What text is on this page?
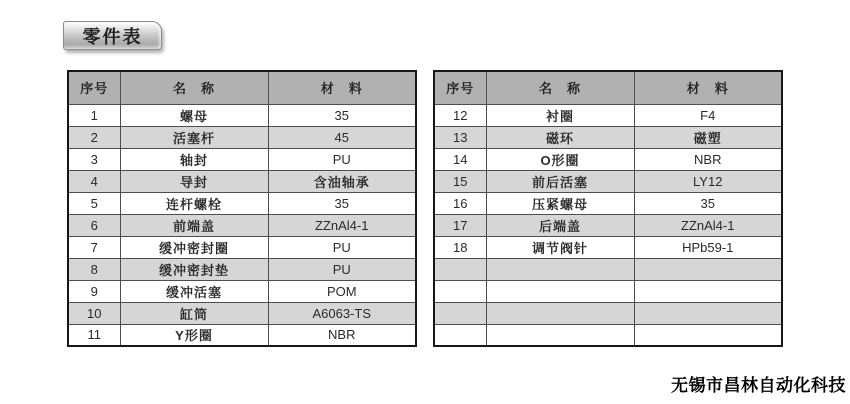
零件表
序号	名　称	材　料
1	螺母	35
2	活塞杆	45
3	轴封	PU
4	导封	含油轴承
5	连杆螺栓	35
6	前端盖	ZZnAl4-1
7	缓冲密封圈	PU
8	缓冲密封垫	PU
9	缓冲活塞	POM
10	缸筒	A6063-TS
11	Y形圈	NBR
序号	名　称	材　料
12	衬圈	F4
13	磁环	磁塑
14	O形圈	NBR
15	前后活塞	LY12
16	压紧螺母	35
17	后端盖	ZZnAl4-1
18	调节阀针	HPb59-1

无锡市昌林自动化科技
